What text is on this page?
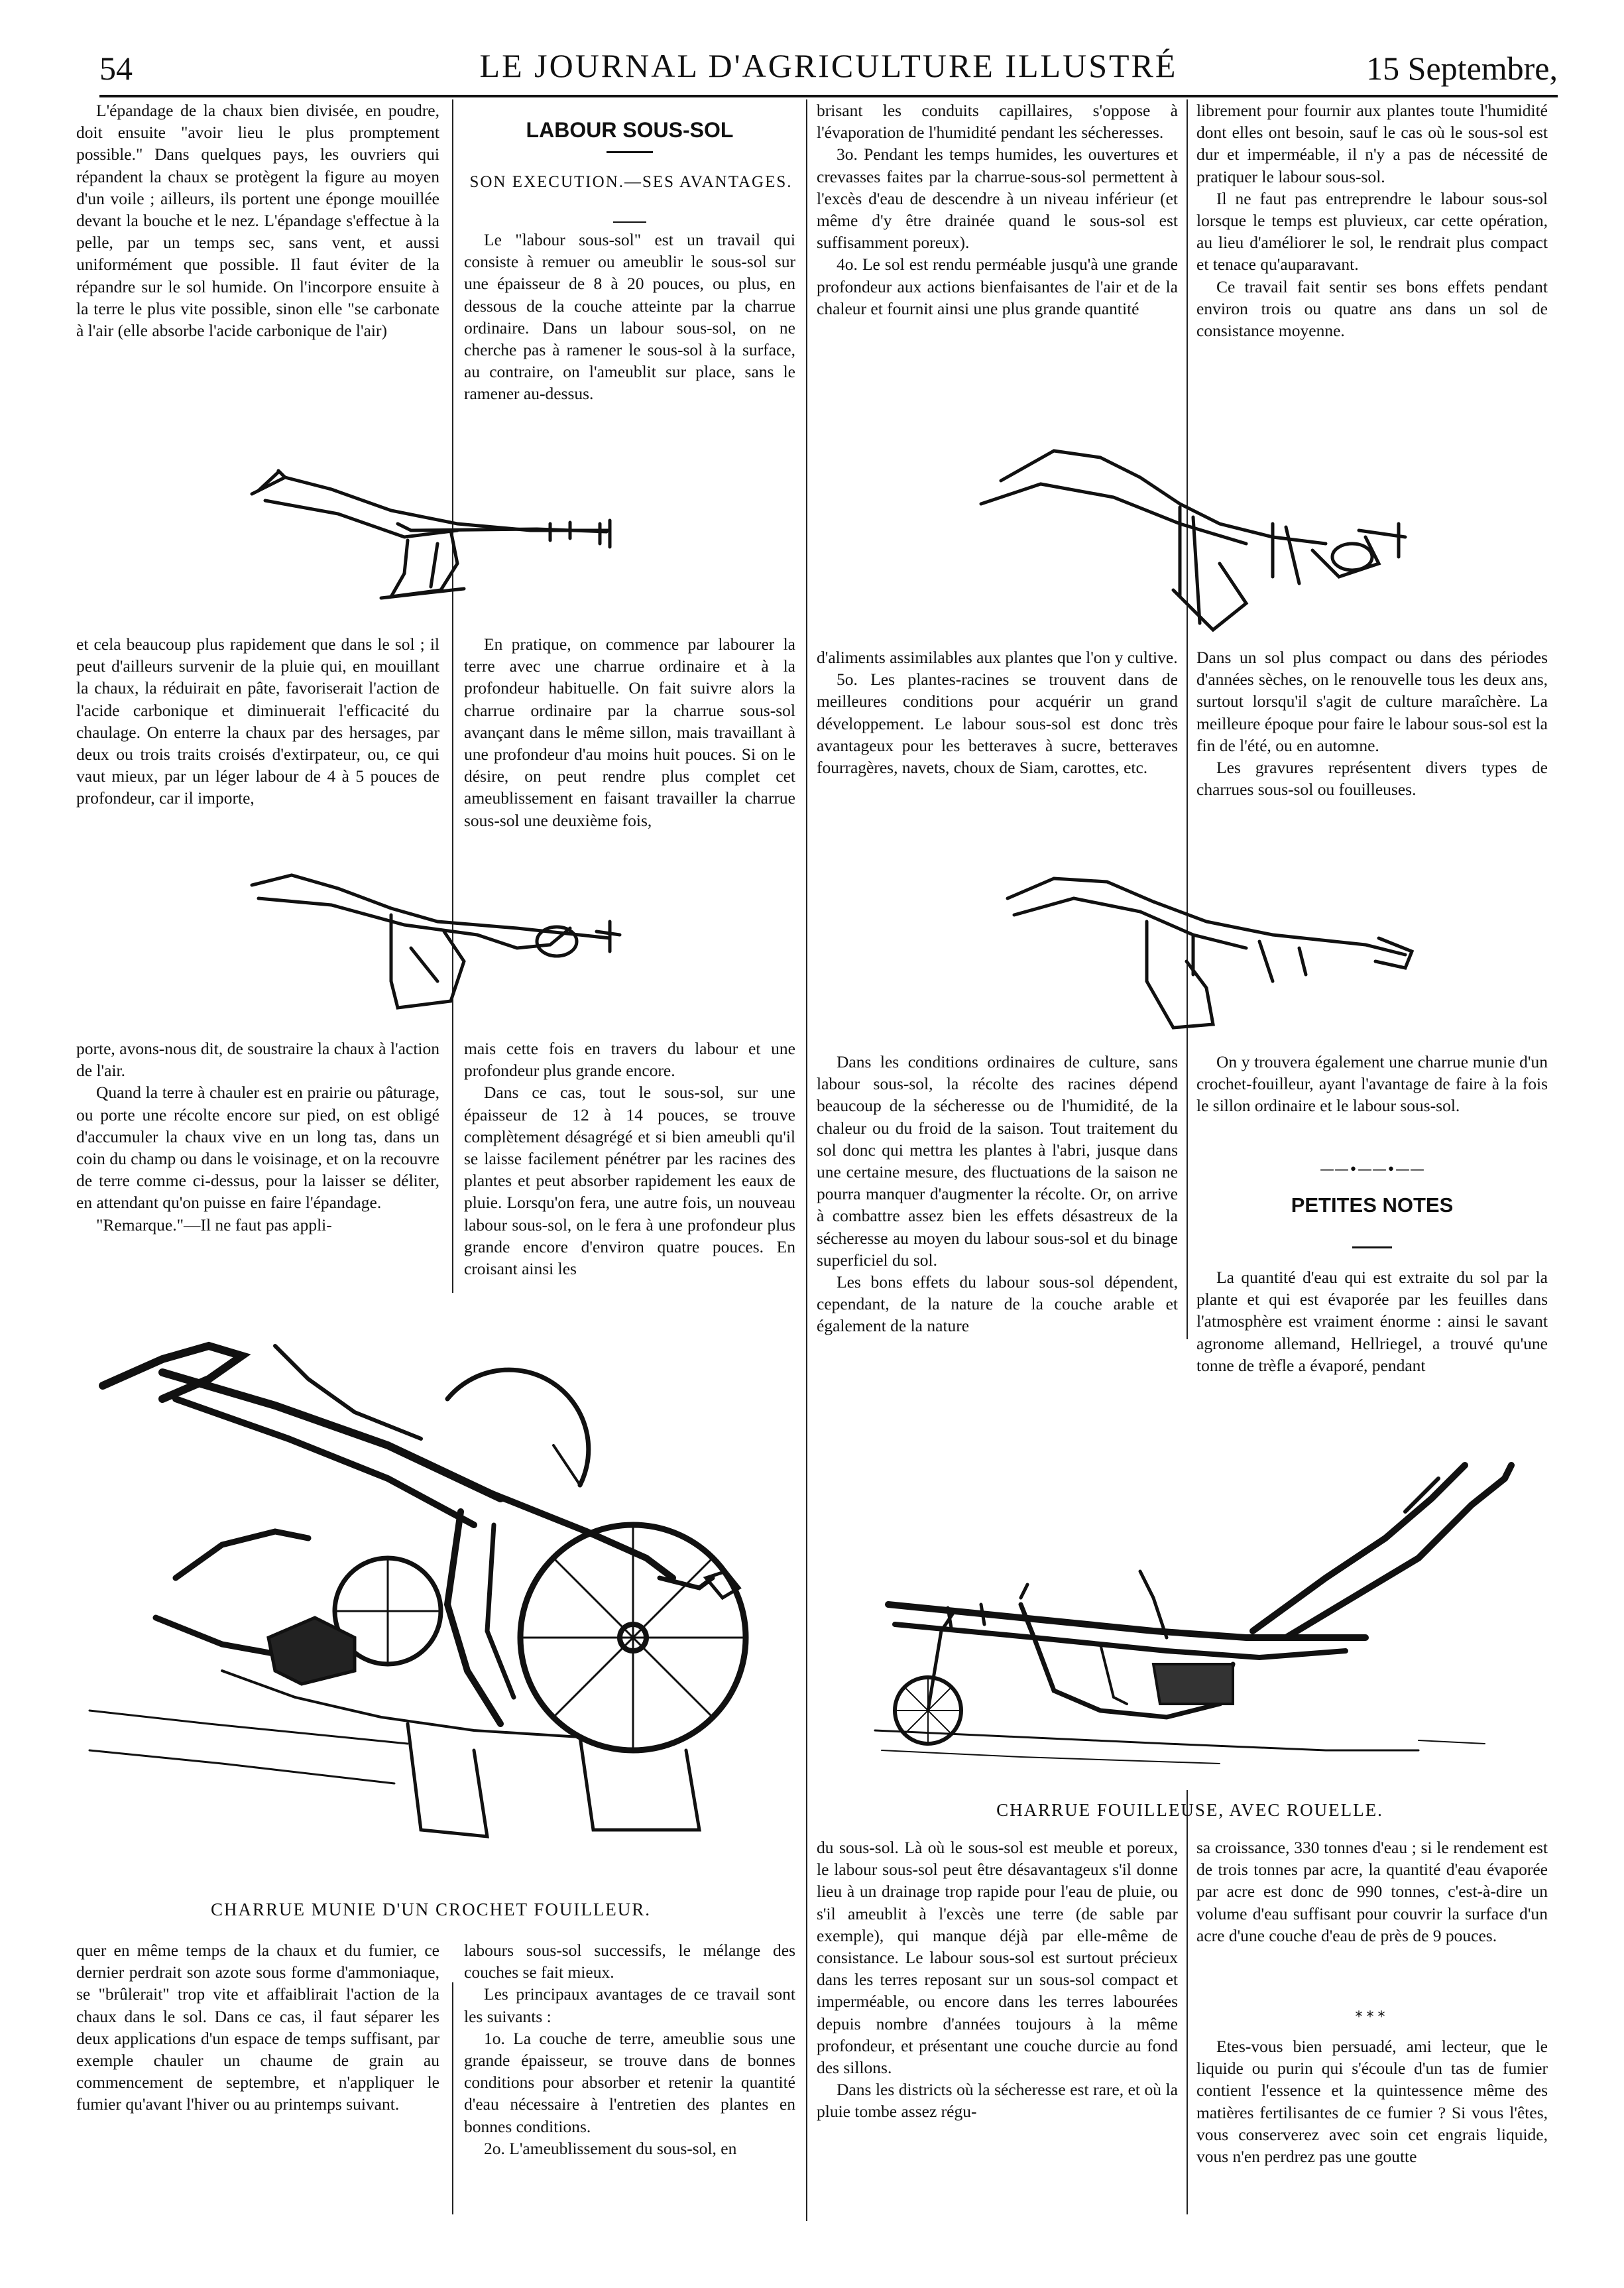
54	LE JOURNAL D'AGRICULTURE ILLUSTRÉ	15 Septembre,

L'épandage de la chaux bien divisée, en poudre, doit ensuite "avoir lieu le plus promptement possible." Dans quelques pays, les ouvriers qui répandent la chaux se protègent la figure au moyen d'un voile ; ailleurs, ils portent une éponge mouillée devant la bouche et le nez. L'épandage s'effectue à la pelle, par un temps sec, sans vent, et aussi uniformément que possible. Il faut éviter de la répandre sur le sol humide. On l'incorpore ensuite à la terre le plus vite possible, sinon elle "se carbonate à l'air (elle absorbe l'acide carbonique de l'air)

LABOUR SOUS-SOL
SON EXECUTION.—SES AVANTAGES.

Le "labour sous-sol" est un travail qui consiste à remuer ou ameublir le sous-sol sur une épaisseur de 8 à 20 pouces, ou plus, en dessous de la couche atteinte par la charrue ordinaire. Dans un labour sous-sol, on ne cherche pas à ramener le sous-sol à la surface, au contraire, on l'ameublit sur place, sans le ramener au-dessus.

brisant les conduits capillaires, s'oppose à l'évaporation de l'humidité pendant les sécheresses.

3o. Pendant les temps humides, les ouvertures et crevasses faites par la charrue-sous-sol permettent à l'excès d'eau de descendre à un niveau inférieur (et même d'y être drainée quand le sous-sol est suffisamment poreux).

4o. Le sol est rendu perméable jusqu'à une grande profondeur aux actions bienfaisantes de l'air et de la chaleur et fournit ainsi une plus grande quantité

librement pour fournir aux plantes toute l'humidité dont elles ont besoin, sauf le cas où le sous-sol est dur et imperméable, il n'y a pas de nécessité de pratiquer le labour sous-sol.

Il ne faut pas entreprendre le labour sous-sol lorsque le temps est pluvieux, car cette opération, au lieu d'améliorer le sol, le rendrait plus compact et tenace qu'auparavant.

Ce travail fait sentir ses bons effets pendant environ trois ou quatre ans dans un sol de consistance moyenne.

et cela beaucoup plus rapidement que dans le sol ; il peut d'ailleurs survenir de la pluie qui, en mouillant la chaux, la réduirait en pâte, favoriserait l'action de l'acide carbonique et diminuerait l'efficacité du chaulage. On enterre la chaux par des hersages, par deux ou trois traits croisés d'extirpateur, ou, ce qui vaut mieux, par un léger labour de 4 à 5 pouces de profondeur, car il importe,

En pratique, on commence par labourer la terre avec une charrue ordinaire et à la profondeur habituelle. On fait suivre alors la charrue ordinaire par la charrue sous-sol avançant dans le même sillon, mais travaillant à une profondeur d'au moins huit pouces. Si on le désire, on peut rendre plus complet cet ameublissement en faisant travailler la charrue sous-sol une deuxième fois,

d'aliments assimilables aux plantes que l'on y cultive.

5o. Les plantes-racines se trouvent dans de meilleures conditions pour acquérir un grand développement. Le labour sous-sol est donc très avantageux pour les betteraves à sucre, betteraves fourragères, navets, choux de Siam, carottes, etc.

Dans un sol plus compact ou dans des périodes d'années sèches, on le renouvelle tous les deux ans, surtout lorsqu'il s'agit de culture maraîchère. La meilleure époque pour faire le labour sous-sol est la fin de l'été, ou en automne.

Les gravures représentent divers types de charrues sous-sol ou fouilleuses.

porte, avons-nous dit, de soustraire la chaux à l'action de l'air.

Quand la terre à chauler est en prairie ou pâturage, ou porte une récolte encore sur pied, on est obligé d'accumuler la chaux vive en un long tas, dans un coin du champ ou dans le voisinage, et on la recouvre de terre comme ci-dessus, pour la laisser se déliter, en attendant qu'on puisse en faire l'épandage.

"Remarque."—Il ne faut pas appli-

mais cette fois en travers du labour et une profondeur plus grande encore.

Dans ce cas, tout le sous-sol, sur une épaisseur de 12 à 14 pouces, se trouve complètement désagrégé et si bien ameubli qu'il se laisse facilement pénétrer par les racines des plantes et peut absorber rapidement les eaux de pluie. Lorsqu'on fera, une autre fois, un nouveau labour sous-sol, on le fera à une profondeur plus grande encore d'environ quatre pouces. En croisant ainsi les

Dans les conditions ordinaires de culture, sans labour sous-sol, la récolte des racines dépend beaucoup de la sécheresse ou de l'humidité, de la chaleur ou du froid de la saison. Tout traitement du sol donc qui mettra les plantes à l'abri, jusque dans une certaine mesure, des fluctuations de la saison ne pourra manquer d'augmenter la récolte. Or, on arrive à combattre assez bien les effets désastreux de la sécheresse au moyen du labour sous-sol et du binage superficiel du sol.

Les bons effets du labour sous-sol dépendent, cependant, de la nature de la couche arable et également de la nature

On y trouvera également une charrue munie d'un crochet-fouilleur, ayant l'avantage de faire à la fois le sillon ordinaire et le labour sous-sol.

——•——•——
PETITES NOTES

La quantité d'eau qui est extraite du sol par la plante et qui est évaporée par les feuilles dans l'atmosphère est vraiment énorme : ainsi le savant agronome allemand, Hellriegel, a trouvé qu'une tonne de trèfle a évaporé, pendant

CHARRUE MUNIE D'UN CROCHET FOUILLEUR.
CHARRUE FOUILLEUSE, AVEC ROUELLE.

du sous-sol. Là où le sous-sol est meuble et poreux, le labour sous-sol peut être désavantageux s'il donne lieu à un drainage trop rapide pour l'eau de pluie, ou s'il ameublit à l'excès une terre (de sable par exemple), qui manque déjà par elle-même de consistance. Le labour sous-sol est surtout précieux dans les terres reposant sur un sous-sol compact et imperméable, ou encore dans les terres labourées depuis nombre d'années toujours à la même profondeur, et présentant une couche durcie au fond des sillons.

Dans les districts où la sécheresse est rare, et où la pluie tombe assez régu-

sa croissance, 330 tonnes d'eau ; si le rendement est de trois tonnes par acre, la quantité d'eau évaporée par acre est donc de 990 tonnes, c'est-à-dire un volume d'eau suffisant pour couvrir la surface d'un acre d'une couche d'eau de près de 9 pouces.

***

Etes-vous bien persuadé, ami lecteur, que le liquide ou purin qui s'écoule d'un tas de fumier contient l'essence et la quintessence même des matières fertilisantes de ce fumier ? Si vous l'êtes, vous conserverez avec soin cet engrais liquide, vous n'en perdrez pas une goutte

quer en même temps de la chaux et du fumier, ce dernier perdrait son azote sous forme d'ammoniaque, se "brûlerait" trop vite et affaiblirait l'action de la chaux dans le sol. Dans ce cas, il faut séparer les deux applications d'un espace de temps suffisant, par exemple chauler un chaume de grain au commencement de septembre, et n'appliquer le fumier qu'avant l'hiver ou au printemps suivant.

labours sous-sol successifs, le mélange des couches se fait mieux.

Les principaux avantages de ce travail sont les suivants :

1o. La couche de terre, ameublie sous une grande épaisseur, se trouve dans de bonnes conditions pour absorber et retenir la quantité d'eau nécessaire à l'entretien des plantes en bonnes conditions.

2o. L'ameublissement du sous-sol, en
